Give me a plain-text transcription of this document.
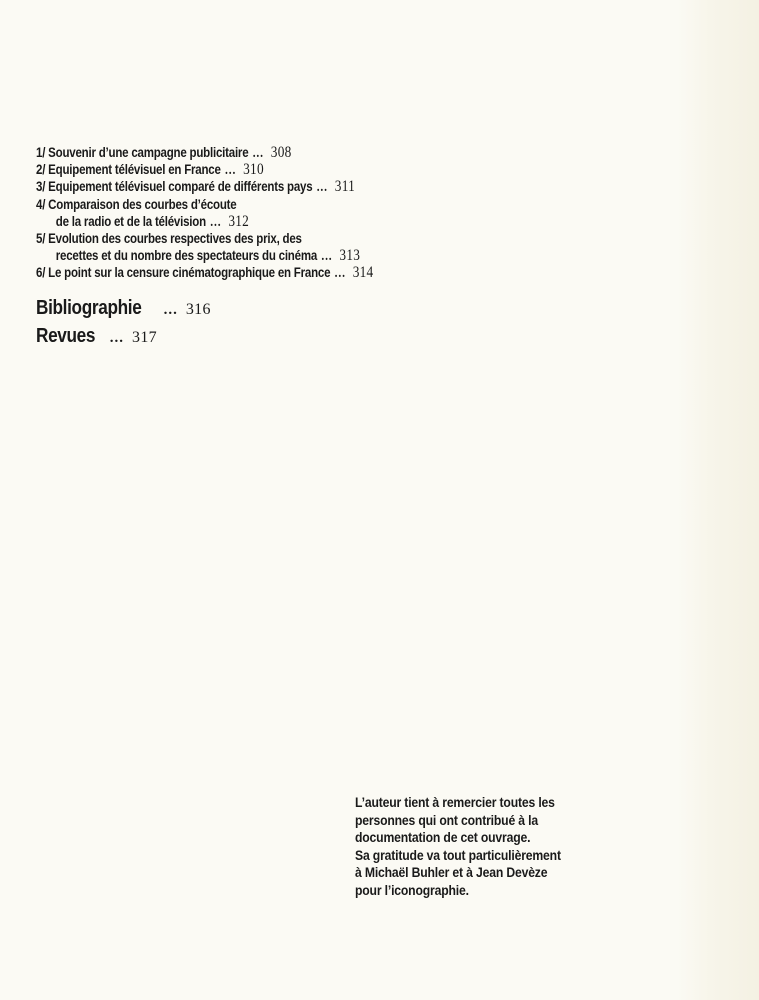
1/ Souvenir d’une campagne publicitaire ... 308
2/ Equipement télévisuel en France ... 310
3/ Equipement télévisuel comparé de différents pays ... 311
4/ Comparaison des courbes d’écoute
de la radio et de la télévision ... 312
5/ Evolution des courbes respectives des prix, des
recettes et du nombre des spectateurs du cinéma ... 313
6/ Le point sur la censure cinématographique en France ... 314
Bibliographie ... 316
Revues ... 317
L’auteur tient à remercier toutes les
personnes qui ont contribué à la
documentation de cet ouvrage.
Sa gratitude va tout particulièrement
à Michaël Buhler et à Jean Devèze
pour l’iconographie.
